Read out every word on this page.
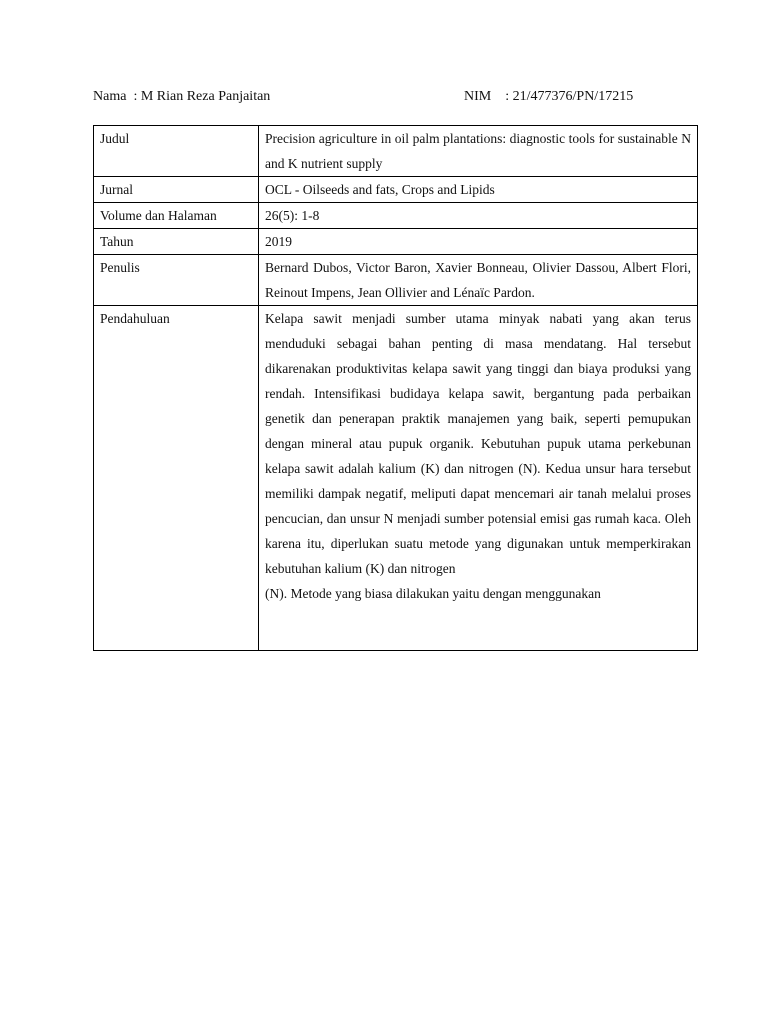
Nama : M Rian Reza Panjaitan	NIM : 21/477376/PN/17215
Judul	Precision agriculture in oil palm plantations: diagnostic tools for sustainable N and K nutrient supply
Jurnal	OCL - Oilseeds and fats, Crops and Lipids
Volume dan Halaman	26(5): 1-8
Tahun	2019
Penulis	Bernard Dubos, Victor Baron, Xavier Bonneau, Olivier Dassou, Albert Flori, Reinout Impens, Jean Ollivier and Lénaïc Pardon.
Pendahuluan	Kelapa sawit menjadi sumber utama minyak nabati yang akan terus menduduki sebagai bahan penting di masa mendatang. Hal tersebut dikarenakan produktivitas kelapa sawit yang tinggi dan biaya produksi yang rendah. Intensifikasi budidaya kelapa sawit, bergantung pada perbaikan genetik dan penerapan praktik manajemen yang baik, seperti pemupukan dengan mineral atau pupuk organik. Kebutuhan pupuk utama perkebunan kelapa sawit adalah kalium (K) dan nitrogen (N). Kedua unsur hara tersebut memiliki dampak negatif, meliputi dapat mencemari air tanah melalui proses pencucian, dan unsur N menjadi sumber potensial emisi gas rumah kaca. Oleh karena itu, diperlukan suatu metode yang digunakan untuk memperkirakan kebutuhan kalium (K) dan nitrogen
(N). Metode yang biasa dilakukan yaitu dengan menggunakan
